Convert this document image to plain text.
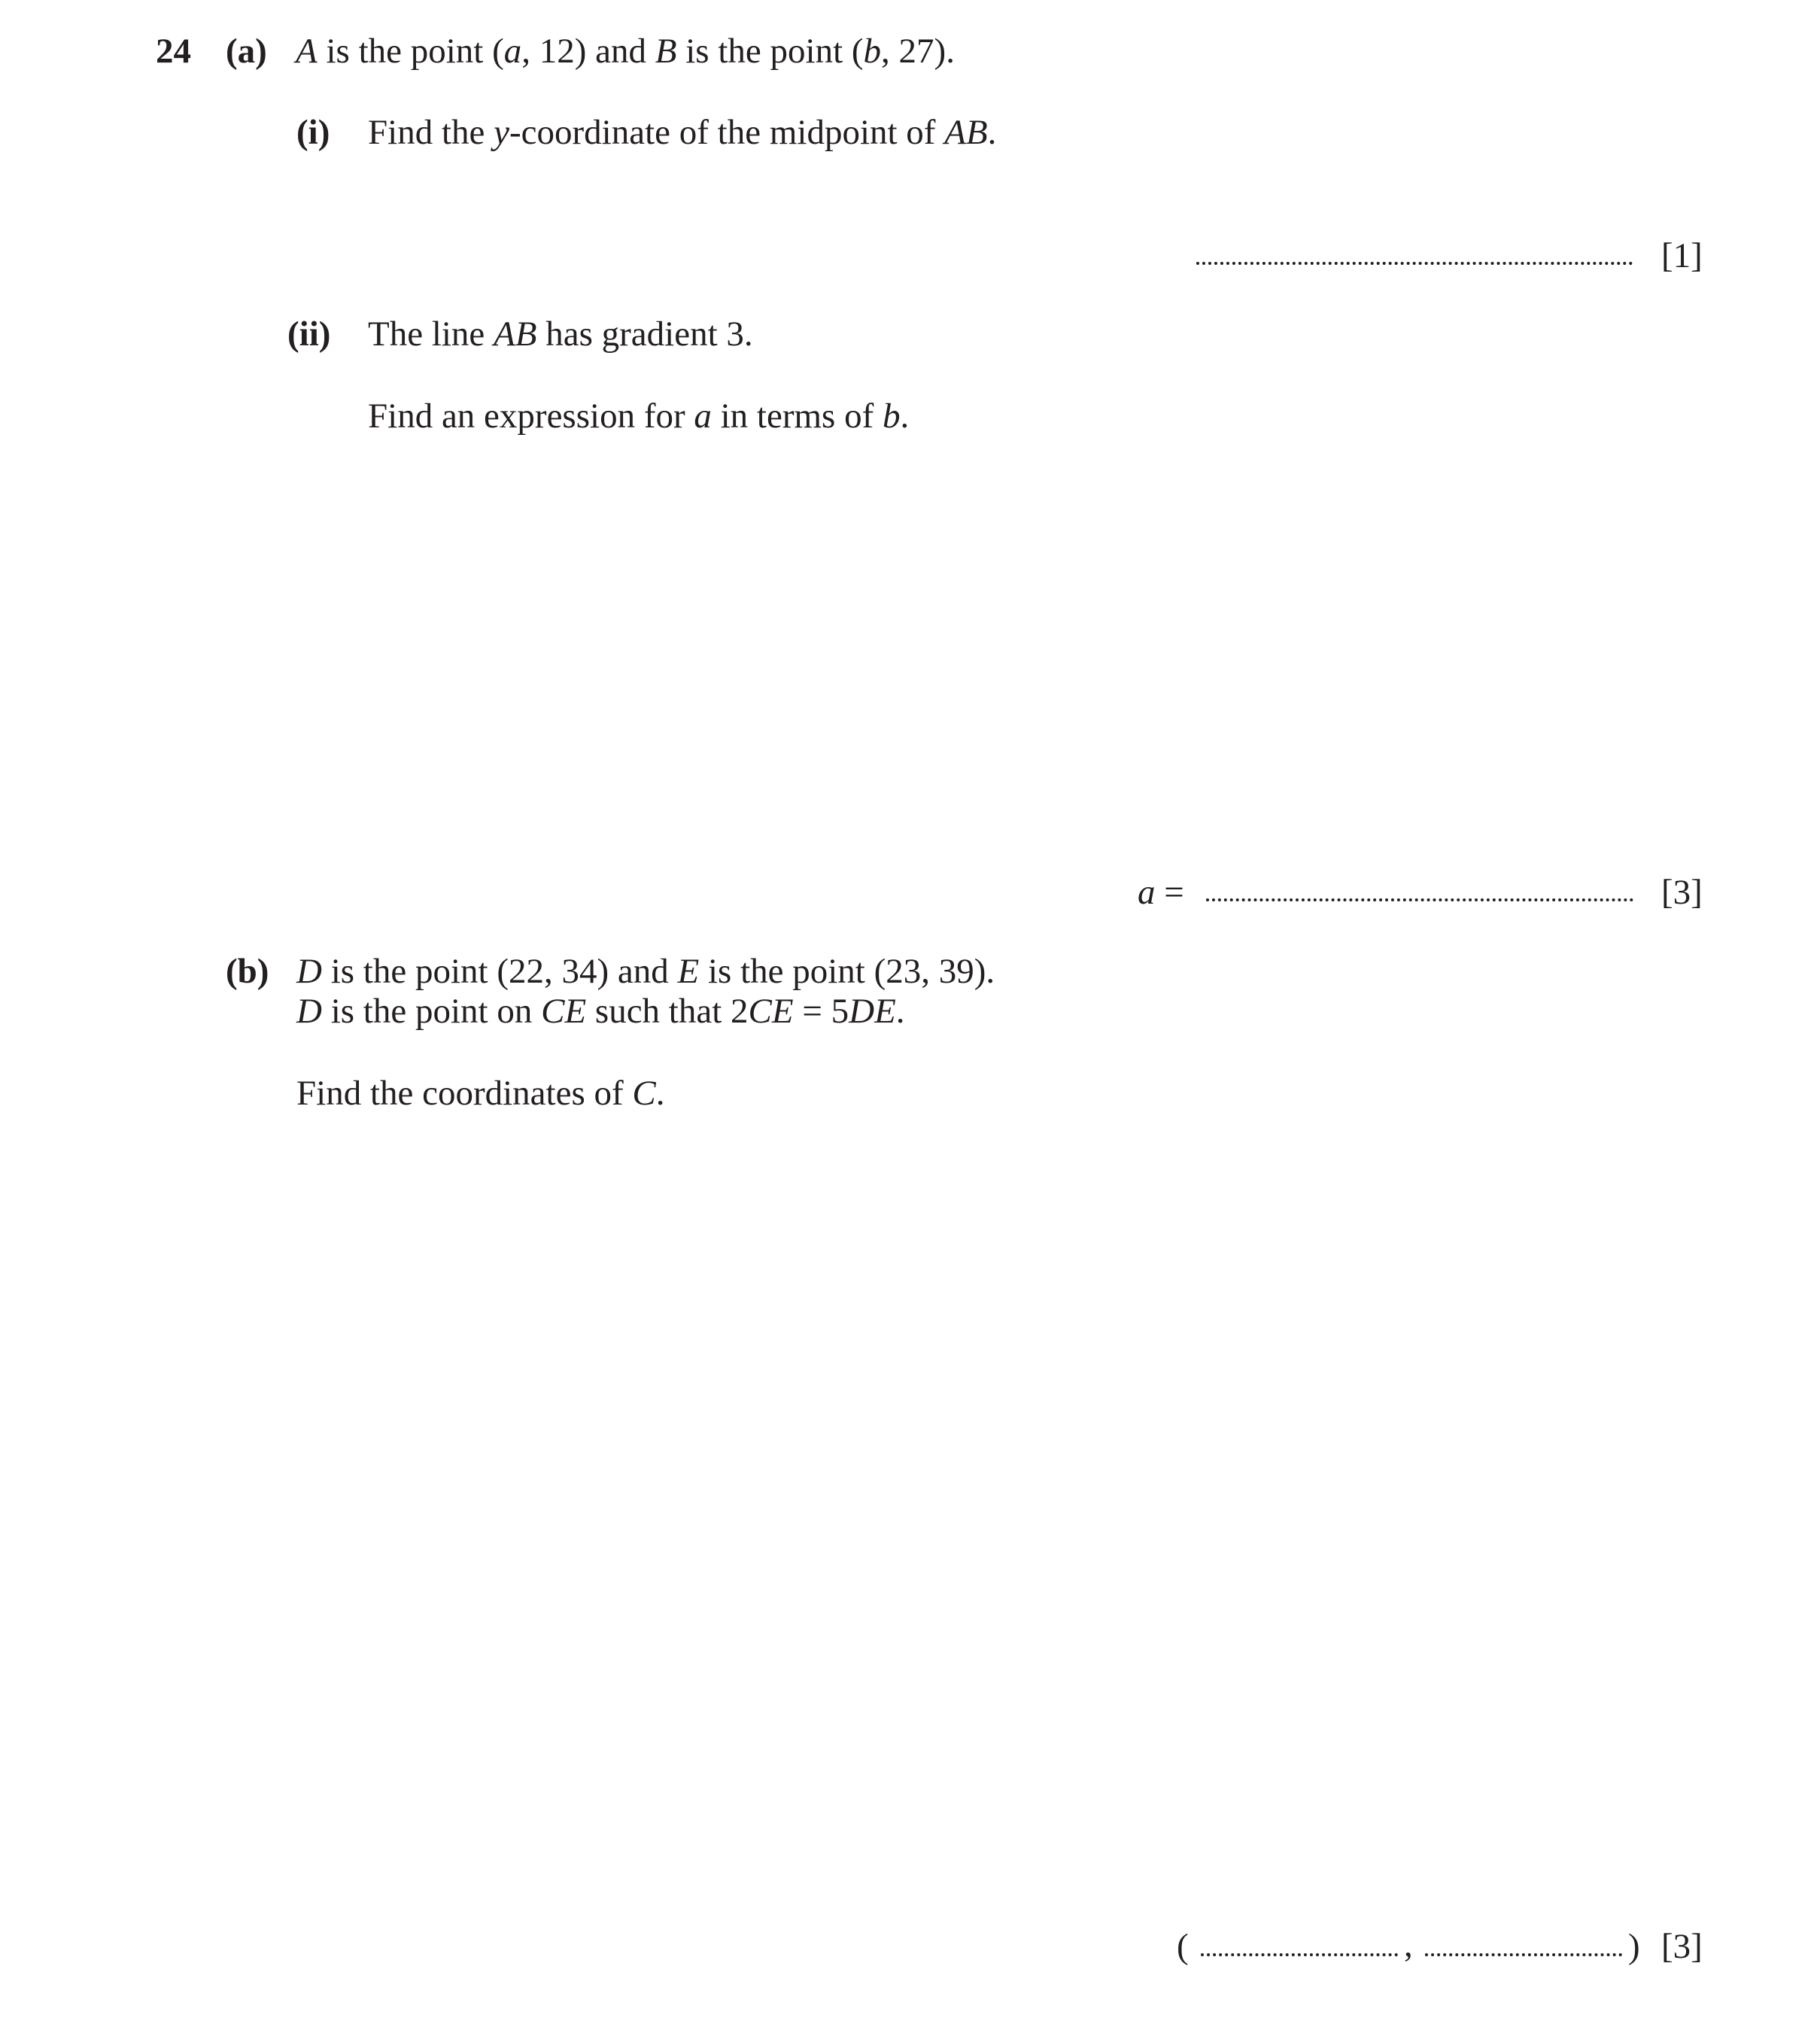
24 (a) A is the point (a, 12) and B is the point (b, 27).
(i) Find the y-coordinate of the midpoint of AB.
[1]
(ii) The line AB has gradient 3.
Find an expression for a in terms of b.
a =	[3]
(b) D is the point (22, 34) and E is the point (23, 39).
D is the point on CE such that 2CE = 5DE.
Find the coordinates of C.
(	,	) [3]
